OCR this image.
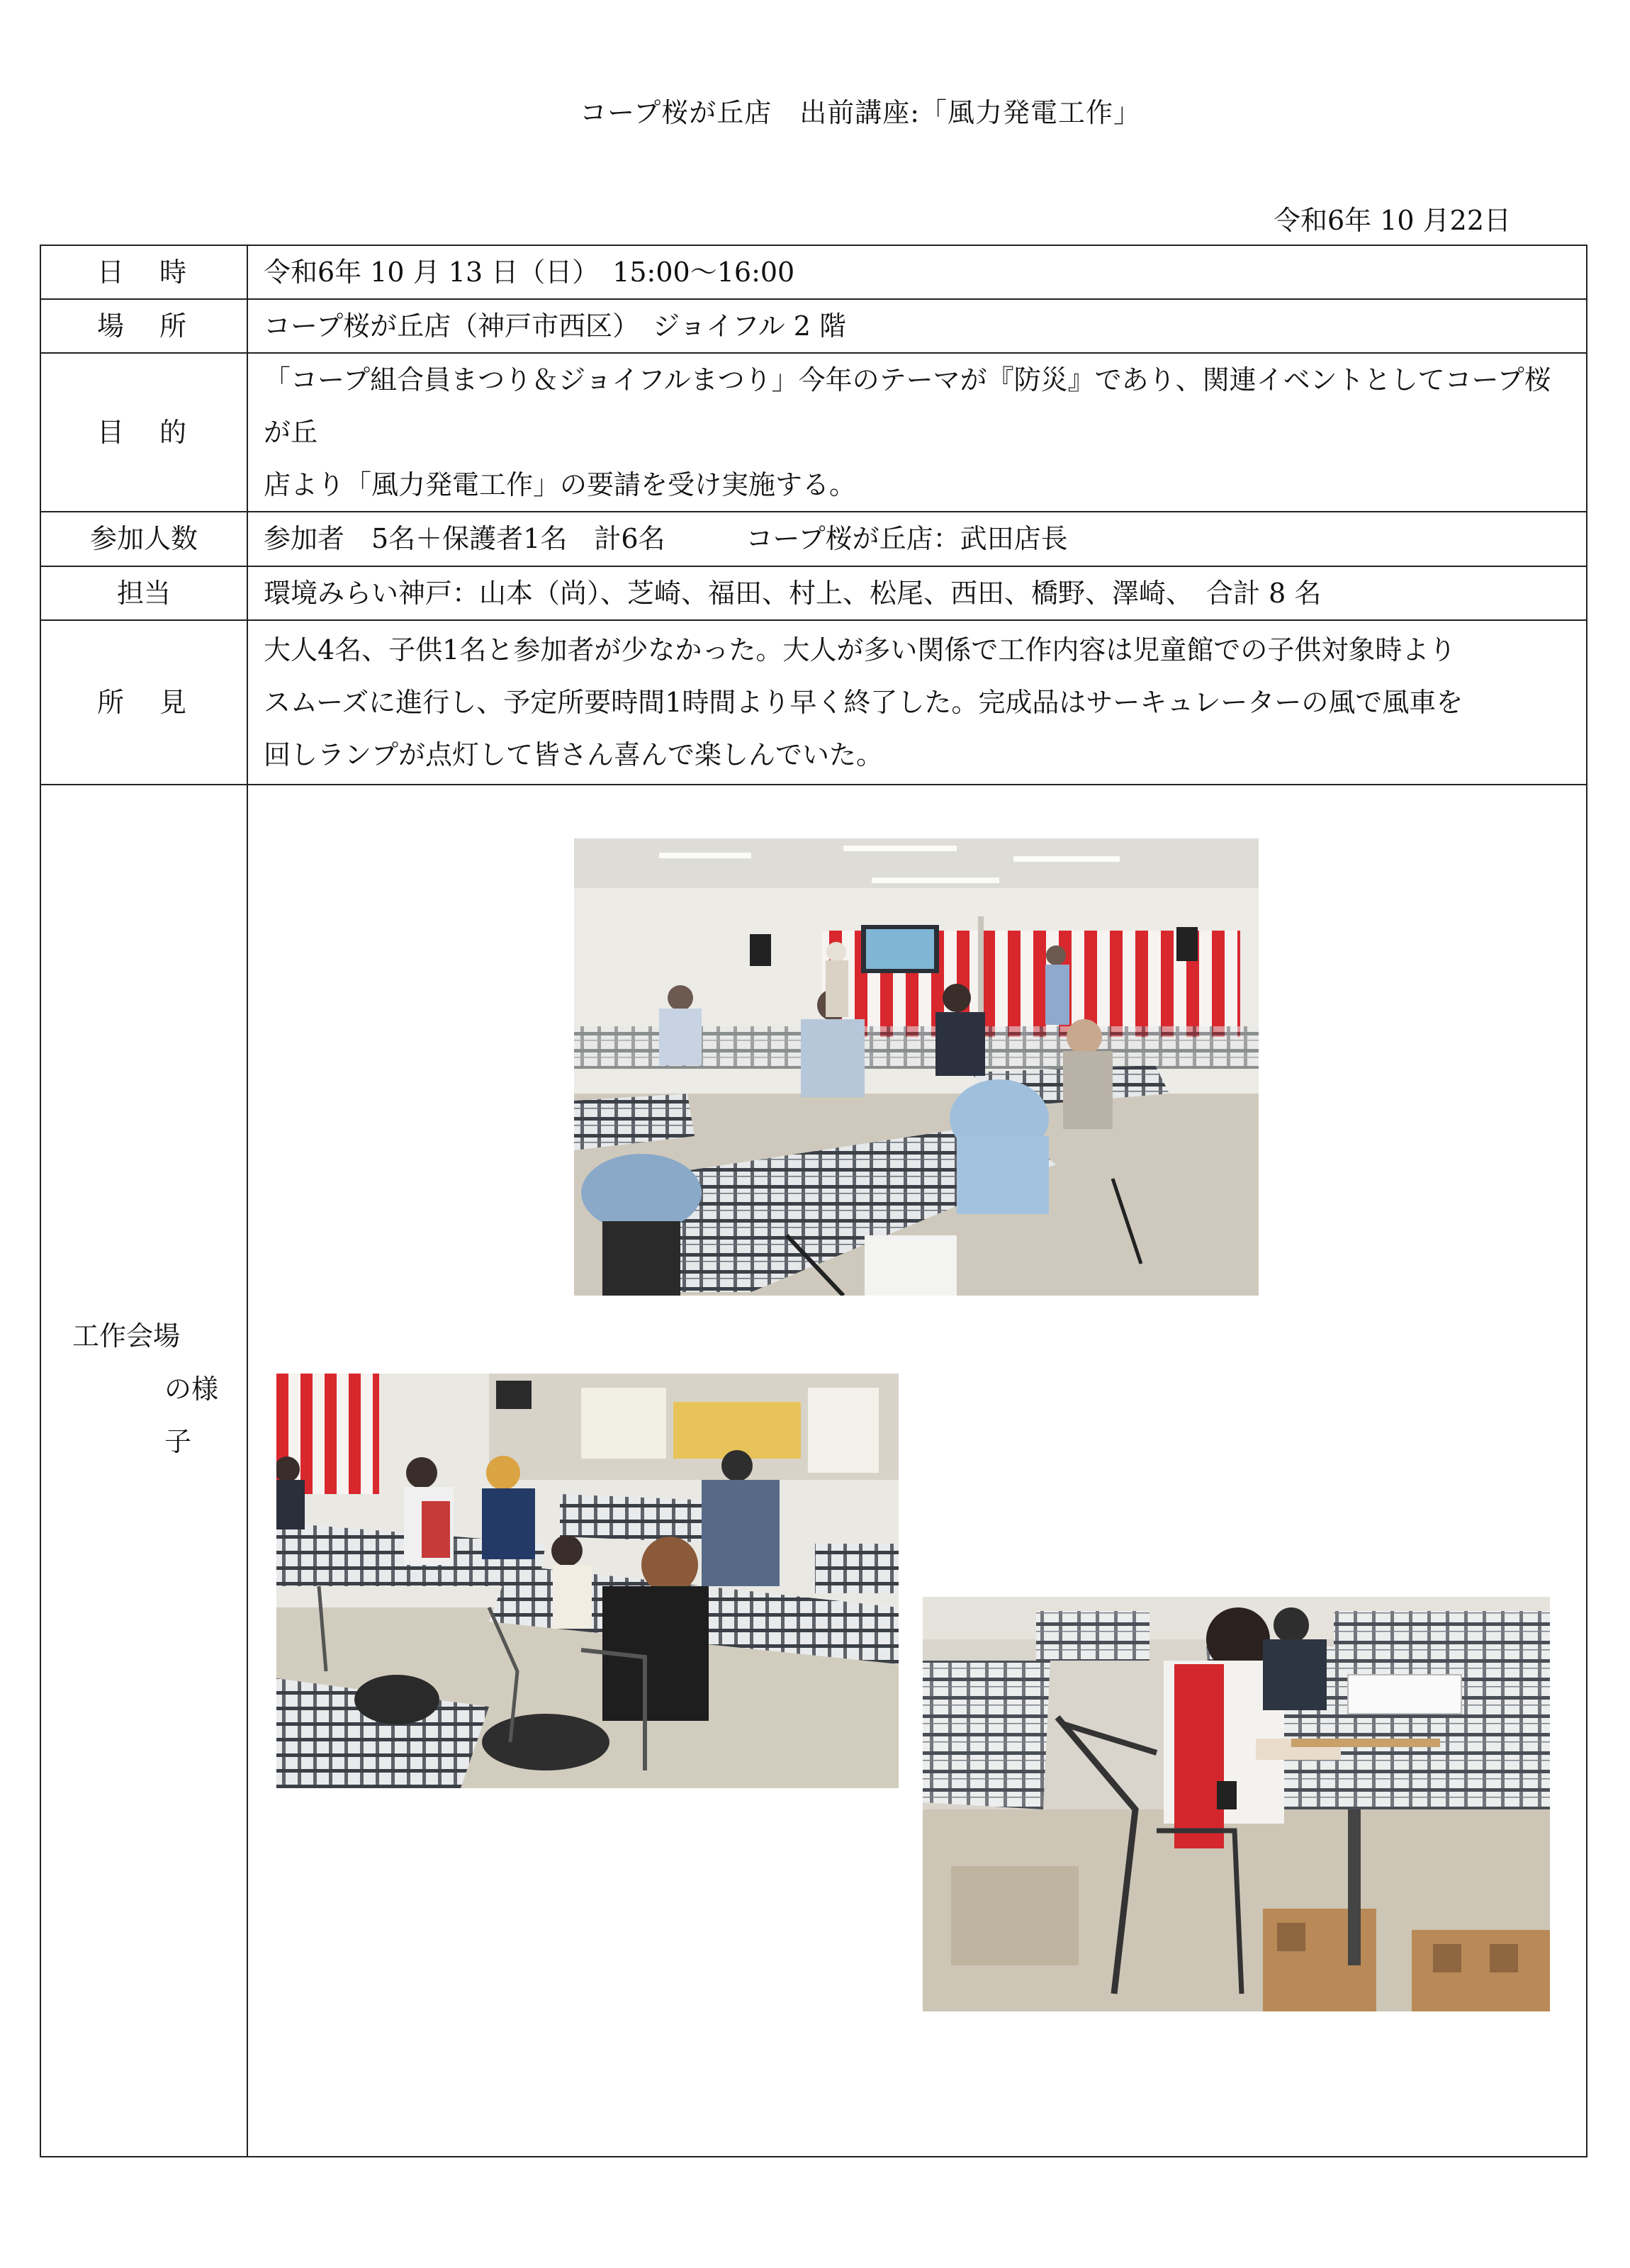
コープ桜が丘店　出前講座:「風力発電工作」
令和6年 10 月22日
日　時	令和6年 10 月 13 日（日）　15:00〜16:00
場　所	コープ桜が丘店（神戸市西区）　ジョイフル 2 階
目　的	「コープ組合員まつり＆ジョイフルまつり」今年のテーマが『防災』であり、関連イベントとしてコープ桜が丘
店より「風力発電工作」の要請を受け実施する。

参加人数	参加者　5名＋保護者1名　計6名　　　コープ桜が丘店：武田店長
担当	環境みらい神戸：山本（尚）、芝崎、福田、村上、松尾、西田、橋野、澤崎、　合計 8 名
所　見	大人4名、子供1名と参加者が少なかった。大人が多い関係で工作内容は児童館での子供対象時より
スムーズに進行し、予定所要時間1時間より早く終了した。完成品はサーキュレーターの風で風車を
回しランプが点灯して皆さん喜んで楽しんでいた。

工作会場
の様子
